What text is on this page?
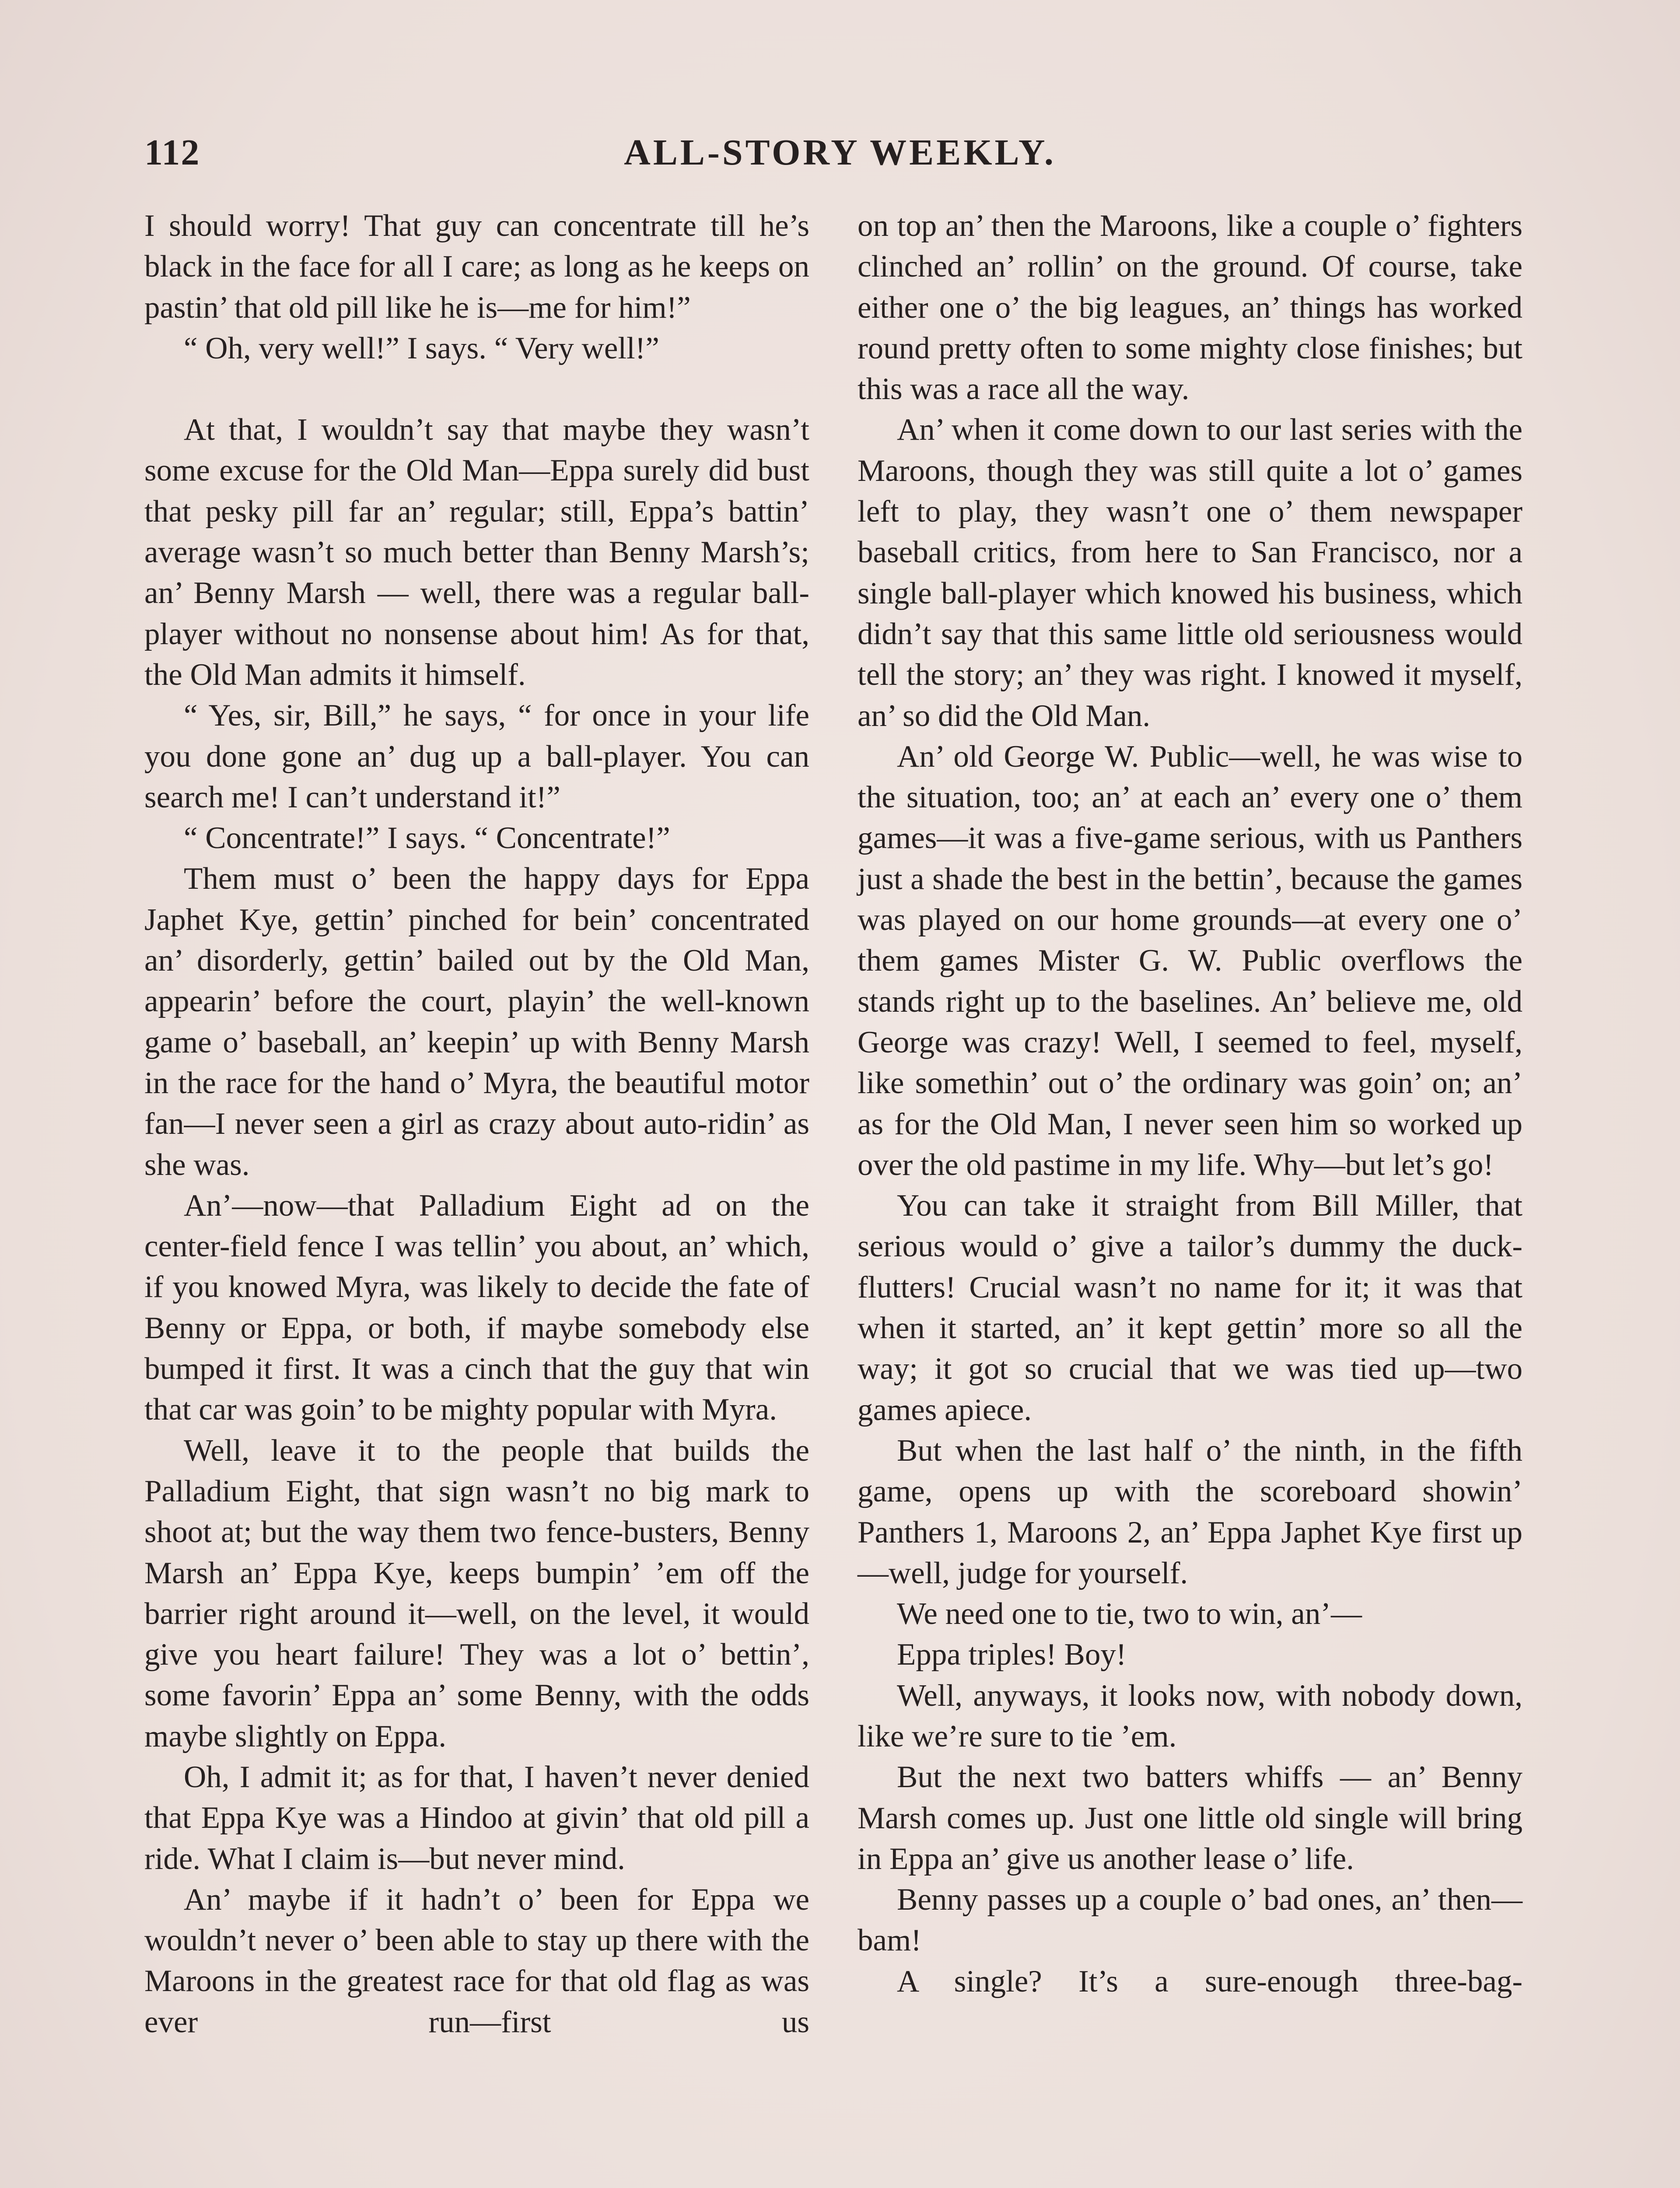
112	ALL-STORY WEEKLY.

I should worry! That guy can concentrate till he’s black in the face for all I care; as long as he keeps on pastin’ that old pill like he is—me for him!”

“ Oh, very well!” I says. “ Very well!”

At that, I wouldn’t say that maybe they wasn’t some excuse for the Old Man—Eppa surely did bust that pesky pill far an’ regular; still, Eppa’s battin’ average wasn’t so much better than Benny Marsh’s; an’ Benny Marsh — well, there was a regular ball-player without no nonsense about him! As for that, the Old Man admits it himself.

“ Yes, sir, Bill,” he says, “ for once in your life you done gone an’ dug up a ball-player. You can search me! I can’t understand it!”

“ Concentrate!” I says. “ Concentrate!”

Them must o’ been the happy days for Eppa Japhet Kye, gettin’ pinched for bein’ concentrated an’ disorderly, gettin’ bailed out by the Old Man, appearin’ before the court, playin’ the well-known game o’ baseball, an’ keepin’ up with Benny Marsh in the race for the hand o’ Myra, the beautiful motor fan—I never seen a girl as crazy about auto-ridin’ as she was.

An’—now—that Palladium Eight ad on the center-field fence I was tellin’ you about, an’ which, if you knowed Myra, was likely to decide the fate of Benny or Eppa, or both, if maybe somebody else bumped it first. It was a cinch that the guy that win that car was goin’ to be mighty popular with Myra.

Well, leave it to the people that builds the Palladium Eight, that sign wasn’t no big mark to shoot at; but the way them two fence-busters, Benny Marsh an’ Eppa Kye, keeps bumpin’ ’em off the barrier right around it—well, on the level, it would give you heart failure! They was a lot o’ bettin’, some favorin’ Eppa an’ some Benny, with the odds maybe slightly on Eppa.

Oh, I admit it; as for that, I haven’t never denied that Eppa Kye was a Hindoo at givin’ that old pill a ride. What I claim is—but never mind.

An’ maybe if it hadn’t o’ been for Eppa we wouldn’t never o’ been able to stay up there with the Maroons in the greatest race for that old flag as was ever run—first us

on top an’ then the Maroons, like a couple o’ fighters clinched an’ rollin’ on the ground. Of course, take either one o’ the big leagues, an’ things has worked round pretty often to some mighty close finishes; but this was a race all the way.

An’ when it come down to our last series with the Maroons, though they was still quite a lot o’ games left to play, they wasn’t one o’ them newspaper baseball critics, from here to San Francisco, nor a single ball-player which knowed his business, which didn’t say that this same little old seriousness would tell the story; an’ they was right. I knowed it myself, an’ so did the Old Man.

An’ old George W. Public—well, he was wise to the situation, too; an’ at each an’ every one o’ them games—it was a five-game serious, with us Panthers just a shade the best in the bettin’, because the games was played on our home grounds—at every one o’ them games Mister G. W. Public overflows the stands right up to the baselines. An’ believe me, old George was crazy! Well, I seemed to feel, myself, like somethin’ out o’ the ordinary was goin’ on; an’ as for the Old Man, I never seen him so worked up over the old pastime in my life. Why—but let’s go!

You can take it straight from Bill Miller, that serious would o’ give a tailor’s dummy the duck-flutters! Crucial wasn’t no name for it; it was that when it started, an’ it kept gettin’ more so all the way; it got so crucial that we was tied up—two games apiece.

But when the last half o’ the ninth, in the fifth game, opens up with the scoreboard showin’ Panthers 1, Maroons 2, an’ Eppa Japhet Kye first up—well, judge for yourself.

We need one to tie, two to win, an’—

Eppa triples! Boy!

Well, anyways, it looks now, with nobody down, like we’re sure to tie ’em.

But the next two batters whiffs — an’ Benny Marsh comes up. Just one little old single will bring in Eppa an’ give us another lease o’ life.

Benny passes up a couple o’ bad ones, an’ then—bam!

A single? It’s a sure-enough three-bag-
